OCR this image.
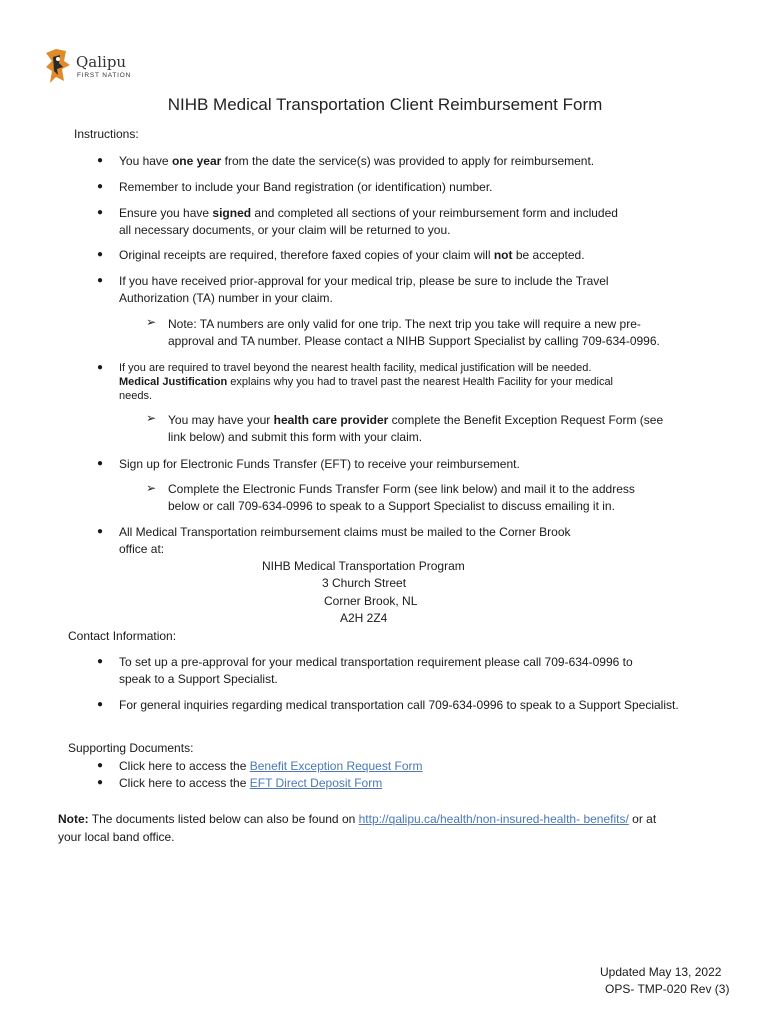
Qalipu
FIRST NATION
NIHB Medical Transportation Client Reimbursement Form
Instructions:
● You have one year from the date the service(s) was provided to apply for reimbursement.
● Remember to include your Band registration (or identification) number.
● Ensure you have signed and completed all sections of your reimbursement form and included
all necessary documents, or your claim will be returned to you.
● Original receipts are required, therefore faxed copies of your claim will not be accepted.
● If you have received prior-approval for your medical trip, please be sure to include the Travel
Authorization (TA) number in your claim.
➢ Note: TA numbers are only valid for one trip. The next trip you take will require a new pre-
approval and TA number. Please contact a NIHB Support Specialist by calling 709-634-0996.
● If you are required to travel beyond the nearest health facility, medical justification will be needed.
Medical Justification explains why you had to travel past the nearest Health Facility for your medical
needs.
➢ You may have your health care provider complete the Benefit Exception Request Form (see
link below) and submit this form with your claim.
● Sign up for Electronic Funds Transfer (EFT) to receive your reimbursement.
➢ Complete the Electronic Funds Transfer Form (see link below) and mail it to the address
below or call 709-634-0996 to speak to a Support Specialist to discuss emailing it in.
● All Medical Transportation reimbursement claims must be mailed to the Corner Brook
office at:
NIHB Medical Transportation Program
3 Church Street
Corner Brook, NL
A2H 2Z4
Contact Information:
● To set up a pre-approval for your medical transportation requirement please call 709-634-0996 to
speak to a Support Specialist.
● For general inquiries regarding medical transportation call 709-634-0996 to speak to a Support Specialist.
Supporting Documents:
● Click here to access the Benefit Exception Request Form
● Click here to access the EFT Direct Deposit Form
Note: The documents listed below can also be found on http://qalipu.ca/health/non-insured-health- benefits/ or at
your local band office.
Updated May 13, 2022
OPS- TMP-020 Rev (3)
